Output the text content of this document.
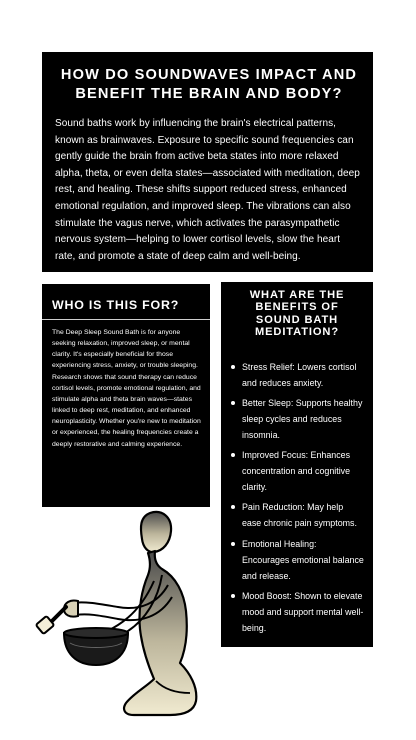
HOW DO SOUNDWAVES IMPACT AND BENEFIT THE BRAIN AND BODY?

Sound baths work by influencing the brain's electrical patterns, known as brainwaves. Exposure to specific sound frequencies can gently guide the brain from active beta states into more relaxed alpha, theta, or even delta states—associated with meditation, deep rest, and healing. These shifts support reduced stress, enhanced emotional regulation, and improved sleep. The vibrations can also stimulate the vagus nerve, which activates the parasympathetic nervous system—helping to lower cortisol levels, slow the heart rate, and promote a state of deep calm and well-being.

WHO IS THIS FOR?

The Deep Sleep Sound Bath is for anyone seeking relaxation, improved sleep, or mental clarity. It's especially beneficial for those experiencing stress, anxiety, or trouble sleeping. Research shows that sound therapy can reduce cortisol levels, promote emotional regulation, and stimulate alpha and theta brain waves—states linked to deep rest, meditation, and enhanced neuroplasticity. Whether you're new to meditation or experienced, the healing frequencies create a deeply restorative and calming experience.

WHAT ARE THE BENEFITS OF SOUND BATH MEDITATION?
Stress Relief: Lowers cortisol and reduces anxiety.
Better Sleep: Supports healthy sleep cycles and reduces insomnia.
Improved Focus: Enhances concentration and cognitive clarity.
Pain Reduction: May help ease chronic pain symptoms.
Emotional Healing: Encourages emotional balance and release.
Mood Boost: Shown to elevate mood and support mental well-being.
